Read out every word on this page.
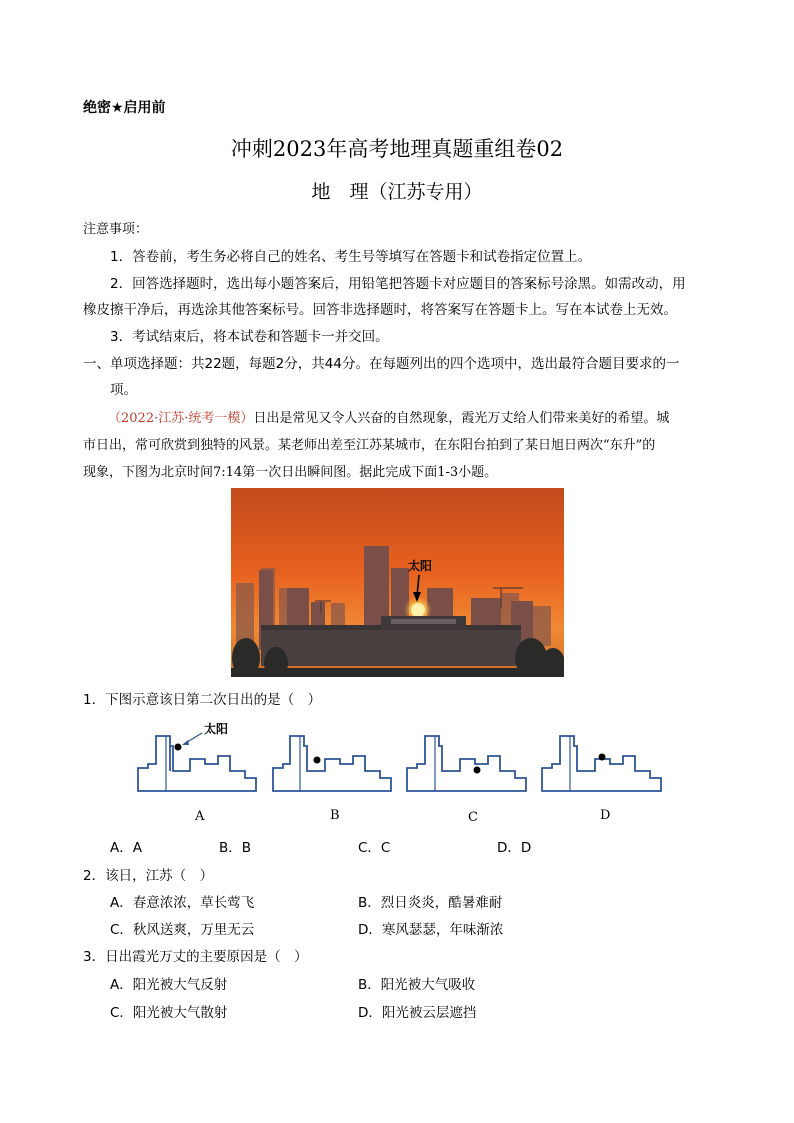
绝密★启用前
冲刺2023年高考地理真题重组卷02
地　理（江苏专用）
注意事项：
1．答卷前，考生务必将自己的姓名、考生号等填写在答题卡和试卷指定位置上。
2．回答选择题时，选出每小题答案后，用铅笔把答题卡对应题目的答案标号涂黑。如需改动，用
橡皮擦干净后，再选涂其他答案标号。回答非选择题时，将答案写在答题卡上。写在本试卷上无效。
3．考试结束后，将本试卷和答题卡一并交回。
一、单项选择题：共22题，每题2分，共44分。在每题列出的四个选项中，选出最符合题目要求的一
项。
（2022·江苏·统考一模）日出是常见又令人兴奋的自然现象，霞光万丈给人们带来美好的希望。城
市日出，常可欣赏到独特的风景。某老师出差至江苏某城市，在东阳台拍到了某日旭日两次“东升”的
现象，下图为北京时间7:14第一次日出瞬间图。据此完成下面1-3小题。
太阳
1．下图示意该日第二次日出的是（　）
太阳
A	B	C	D
A．A	B．B	C．C	D．D
2．该日，江苏（　）
A．春意浓浓，草长莺飞	B．烈日炎炎，酷暑难耐
C．秋风送爽，万里无云	D．寒风瑟瑟，年味渐浓
3．日出霞光万丈的主要原因是（　）
A．阳光被大气反射	B．阳光被大气吸收
C．阳光被大气散射	D．阳光被云层遮挡
